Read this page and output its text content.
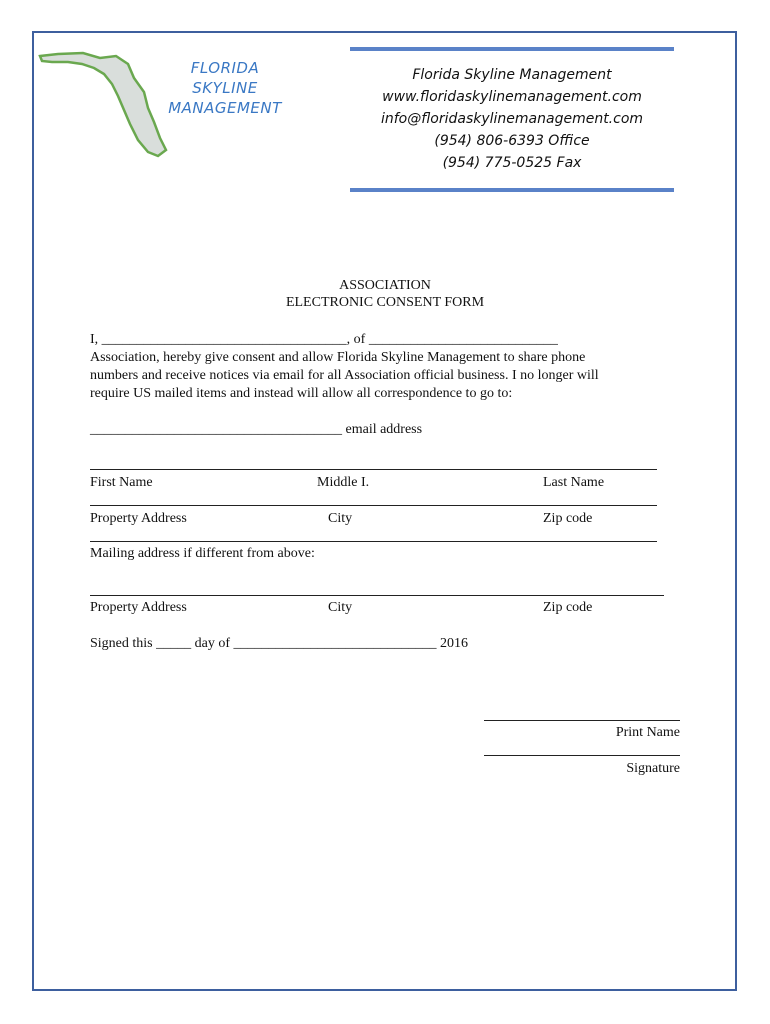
FLORIDA
SKYLINE
MANAGEMENT
Florida Skyline Management
www.floridaskylinemanagement.com
info@floridaskylinemanagement.com
(954) 806-6393 Office
(954) 775-0525 Fax
ASSOCIATION
ELECTRONIC CONSENT FORM
I, ___________________________________, of ___________________________
Association, hereby give consent and allow Florida Skyline Management to share phone
numbers and receive notices via email for all Association official business. I no longer will
require US mailed items and instead will allow all correspondence to go to:
____________________________________ email address
First Name	Middle I.	Last Name
Property Address	City	Zip code
Mailing address if different from above:
Property Address	City	Zip code
Signed this _____ day of _____________________________ 2016
Print Name
Signature
